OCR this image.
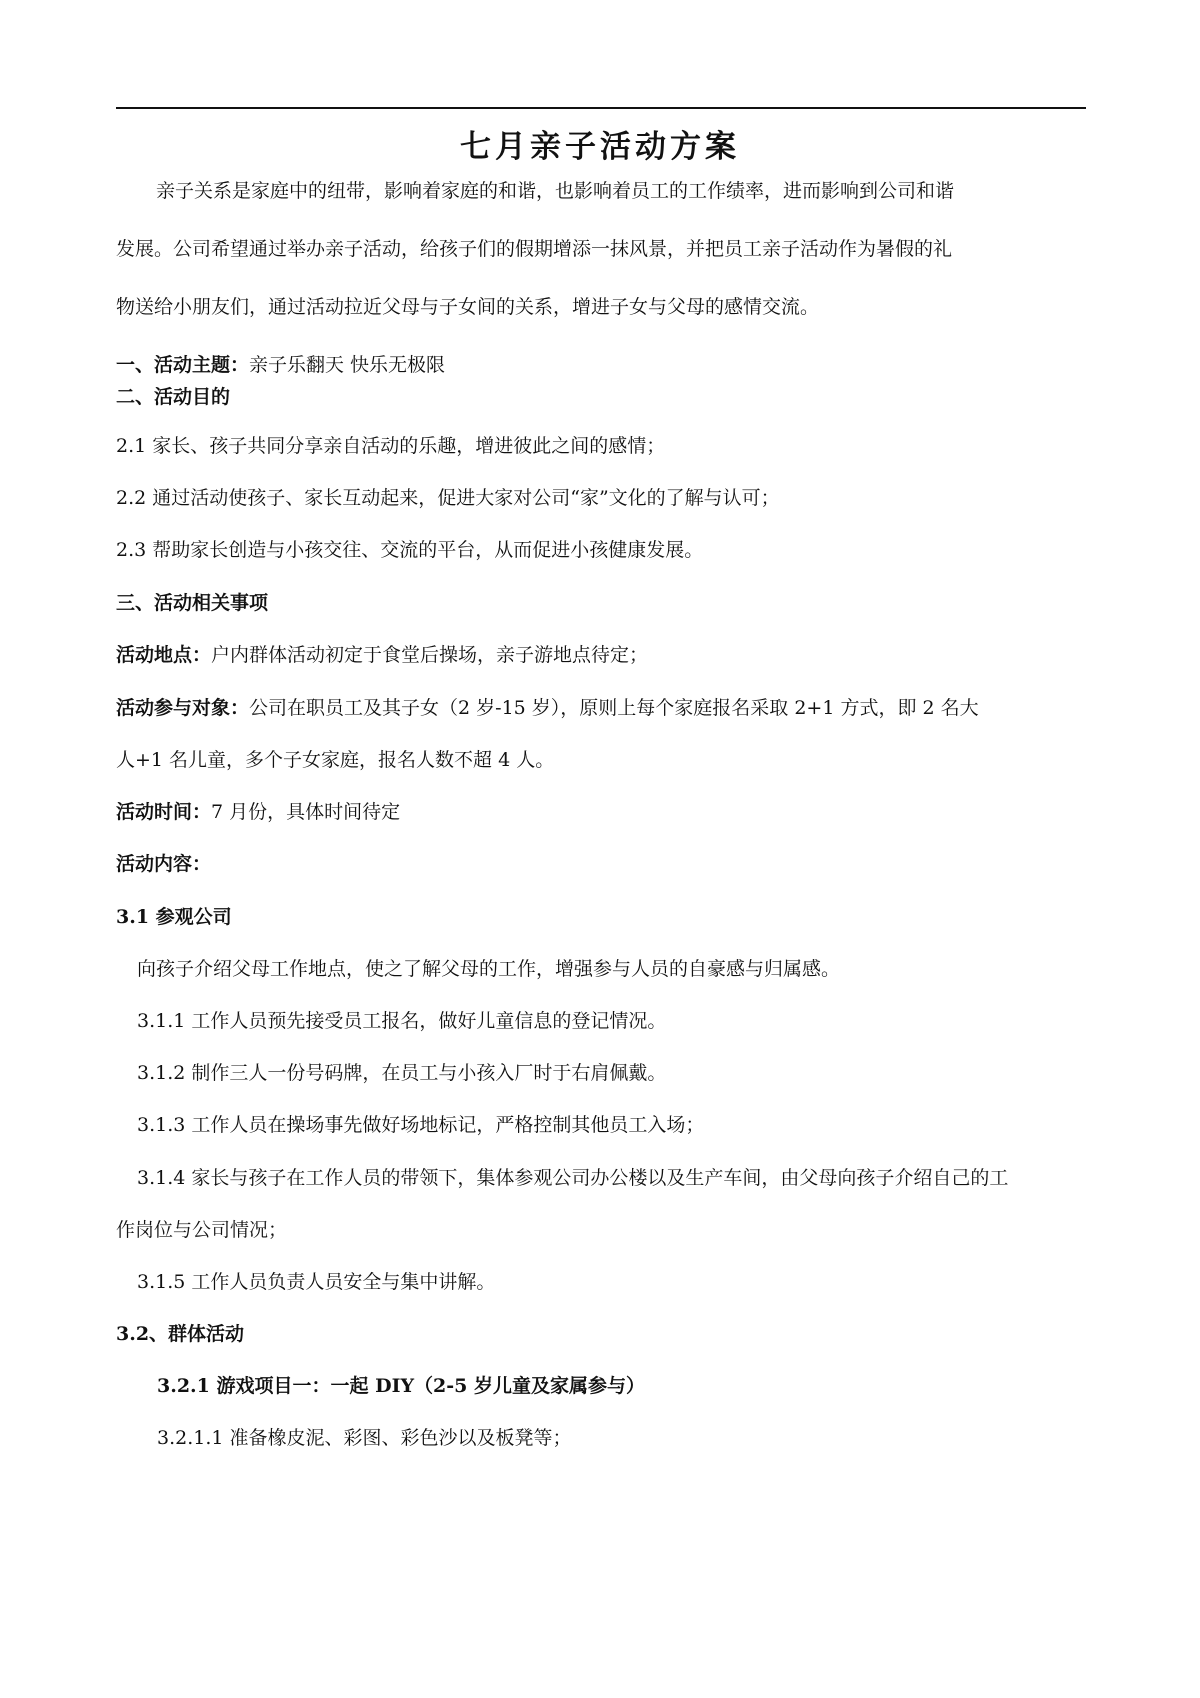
七月亲子活动方案
亲子关系是家庭中的纽带，影响着家庭的和谐，也影响着员工的工作绩率，进而影响到公司和谐
发展。公司希望通过举办亲子活动，给孩子们的假期增添一抹风景，并把员工亲子活动作为暑假的礼
物送给小朋友们，通过活动拉近父母与子女间的关系，增进子女与父母的感情交流。
一、活动主题：亲子乐翻天 快乐无极限
二、活动目的
2.1 家长、孩子共同分享亲自活动的乐趣，增进彼此之间的感情；
2.2 通过活动使孩子、家长互动起来，促进大家对公司“家”文化的了解与认可；
2.3 帮助家长创造与小孩交往、交流的平台，从而促进小孩健康发展。
三、活动相关事项
活动地点：户内群体活动初定于食堂后操场，亲子游地点待定；
活动参与对象：公司在职员工及其子女（2 岁-15 岁），原则上每个家庭报名采取 2+1 方式，即 2 名大
人+1 名儿童，多个子女家庭，报名人数不超 4 人。
活动时间：7 月份，具体时间待定
活动内容：
3.1 参观公司
向孩子介绍父母工作地点，使之了解父母的工作，增强参与人员的自豪感与归属感。
3.1.1 工作人员预先接受员工报名，做好儿童信息的登记情况。
3.1.2 制作三人一份号码牌，在员工与小孩入厂时于右肩佩戴。
3.1.3 工作人员在操场事先做好场地标记，严格控制其他员工入场；
3.1.4 家长与孩子在工作人员的带领下，集体参观公司办公楼以及生产车间，由父母向孩子介绍自己的工
作岗位与公司情况；
3.1.5 工作人员负责人员安全与集中讲解。
3.2、群体活动
3.2.1 游戏项目一：一起 DIY（2-5 岁儿童及家属参与）
3.2.1.1 准备橡皮泥、彩图、彩色沙以及板凳等；
